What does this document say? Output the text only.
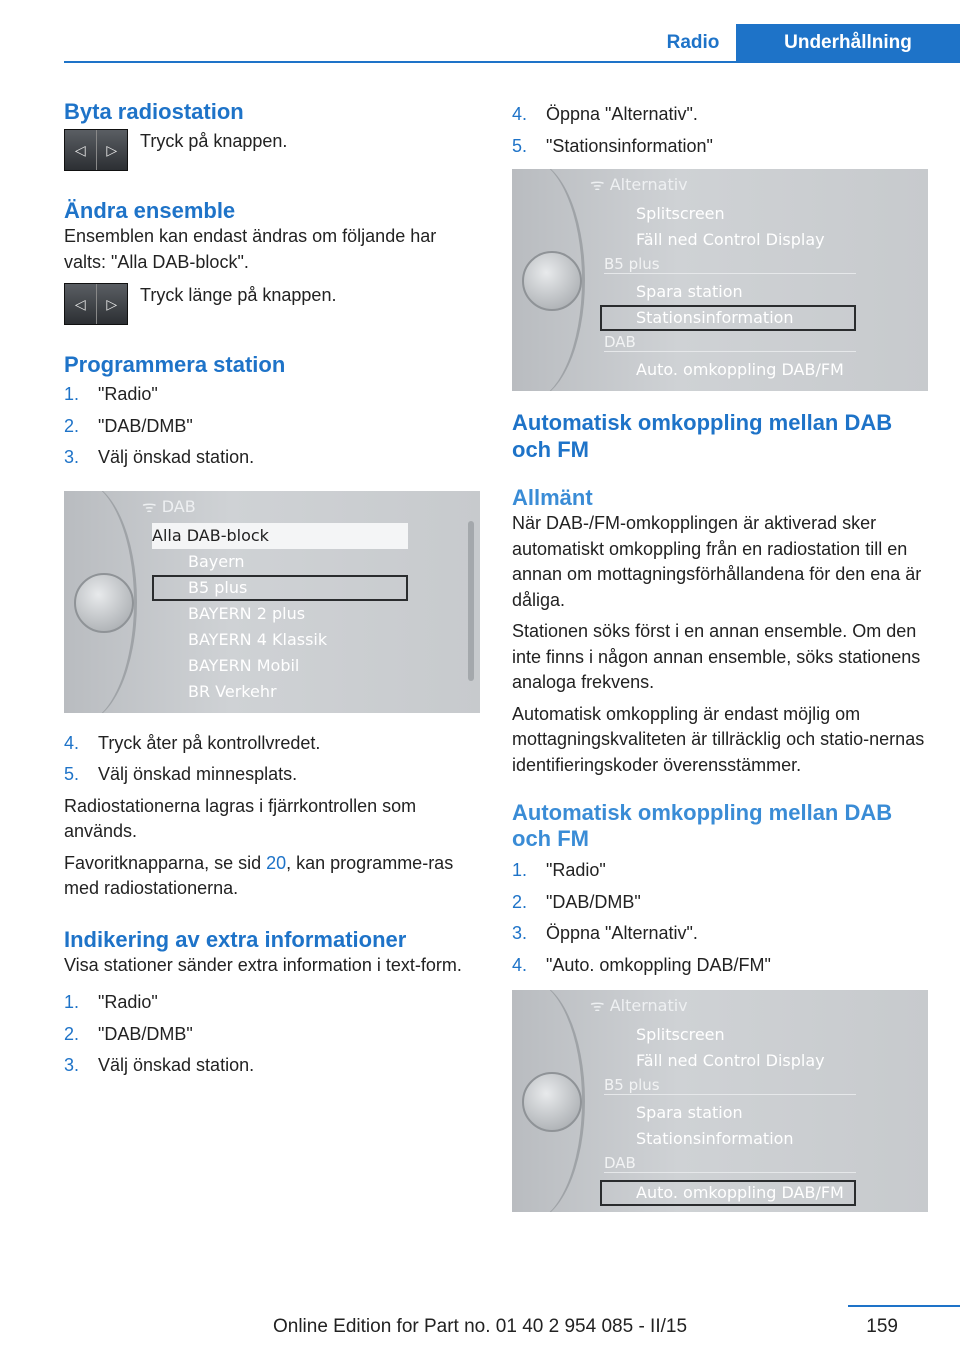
Radio	Underhållning
Byta radiostation
◁	▷	Tryck på knappen.
Ändra ensemble

Ensemblen kan endast ändras om följande har valts: "Alla DAB-block".

◁	▷	Tryck länge på knappen.
Programmera station
1. "Radio"
2. "DAB/DMB"
3. Välj önskad station.
ᯤ DAB
Alla DAB-block
Bayern
B5 plus
BAYERN 2 plus
BAYERN 4 Klassik
BAYERN Mobil
BR Verkehr
4. Tryck åter på kontrollvredet.
5. Välj önskad minnesplats.

Radiostationerna lagras i fjärrkontrollen som används.

Favoritknapparna, se sid 20, kan programme-ras med radiostationerna.

Indikering av extra informationer

Visa stationer sänder extra information i text-form.

1. "Radio"
2. "DAB/DMB"
3. Välj önskad station.
4. Öppna "Alternativ".
5. "Stationsinformation"
ᯤ Alternativ
Splitscreen
Fäll ned Control Display
B5 plus
Spara station
Stationsinformation
DAB
Auto. omkoppling DAB/FM
Automatisk omkoppling mellan DAB och FM
Allmänt

När DAB-/FM-omkopplingen är aktiverad sker automatiskt omkoppling från en radiostation till en annan om mottagningsförhållandena för den ena är dåliga.

Stationen söks först i en annan ensemble. Om den inte finns i någon annan ensemble, söks stationens analoga frekvens.

Automatisk omkoppling är endast möjlig om mottagningskvaliteten är tillräcklig och statio-nernas identifieringskoder överensstämmer.

Automatisk omkoppling mellan DAB och FM
1. "Radio"
2. "DAB/DMB"
3. Öppna "Alternativ".
4. "Auto. omkoppling DAB/FM"
ᯤ Alternativ
Splitscreen
Fäll ned Control Display
B5 plus
Spara station
Stationsinformation
DAB
Auto. omkoppling DAB/FM
159
Online Edition for Part no. 01 40 2 954 085 - II/15
